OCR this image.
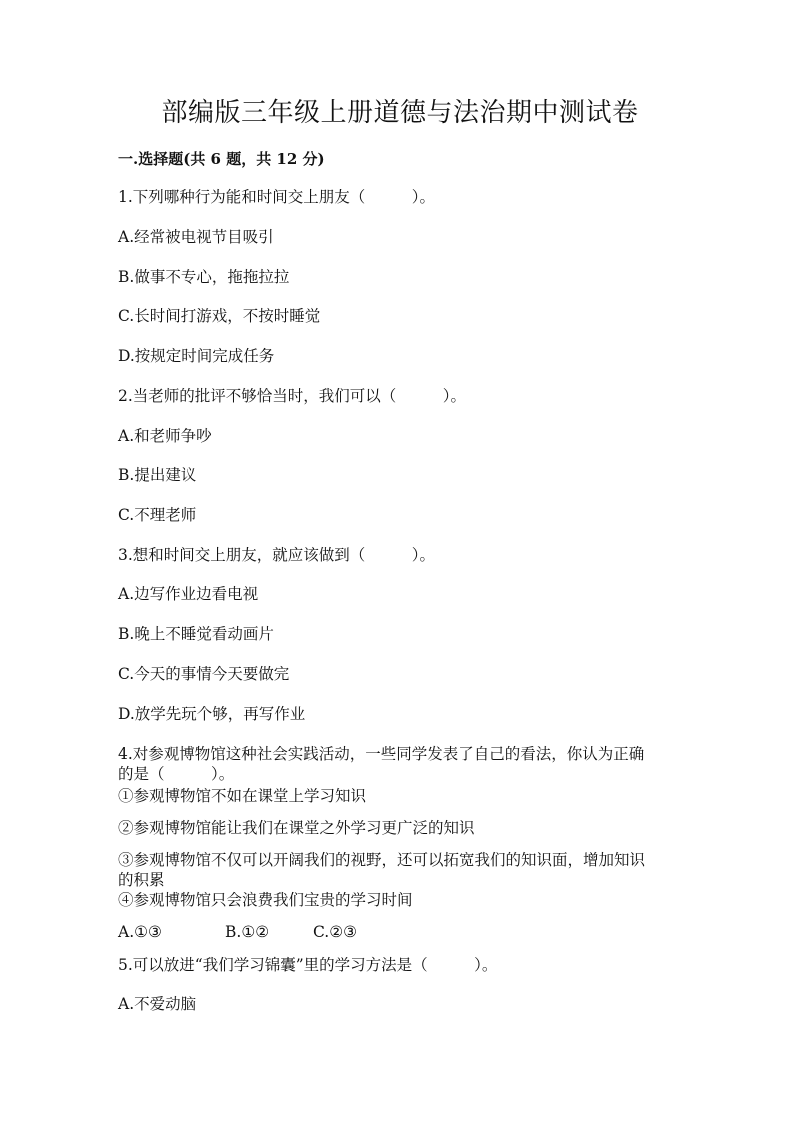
部编版三年级上册道德与法治期中测试卷
一.选择题(共 6 题，共 12 分)
1.下列哪种行为能和时间交上朋友（　　　）。
A.经常被电视节目吸引
B.做事不专心，拖拖拉拉
C.长时间打游戏，不按时睡觉
D.按规定时间完成任务
2.当老师的批评不够恰当时，我们可以（　　　）。
A.和老师争吵
B.提出建议
C.不理老师
3.想和时间交上朋友，就应该做到（　　　）。
A.边写作业边看电视
B.晚上不睡觉看动画片
C.今天的事情今天要做完
D.放学先玩个够，再写作业
4.对参观博物馆这种社会实践活动，一些同学发表了自己的看法，你认为正确
的是（　　　）。
①参观博物馆不如在课堂上学习知识
②参观博物馆能让我们在课堂之外学习更广泛的知识
③参观博物馆不仅可以开阔我们的视野，还可以拓宽我们的知识面，增加知识
的积累
④参观博物馆只会浪费我们宝贵的学习时间
A.①③	B.①②	C.②③
5.可以放进“我们学习锦囊”里的学习方法是（　　　）。
A.不爱动脑
